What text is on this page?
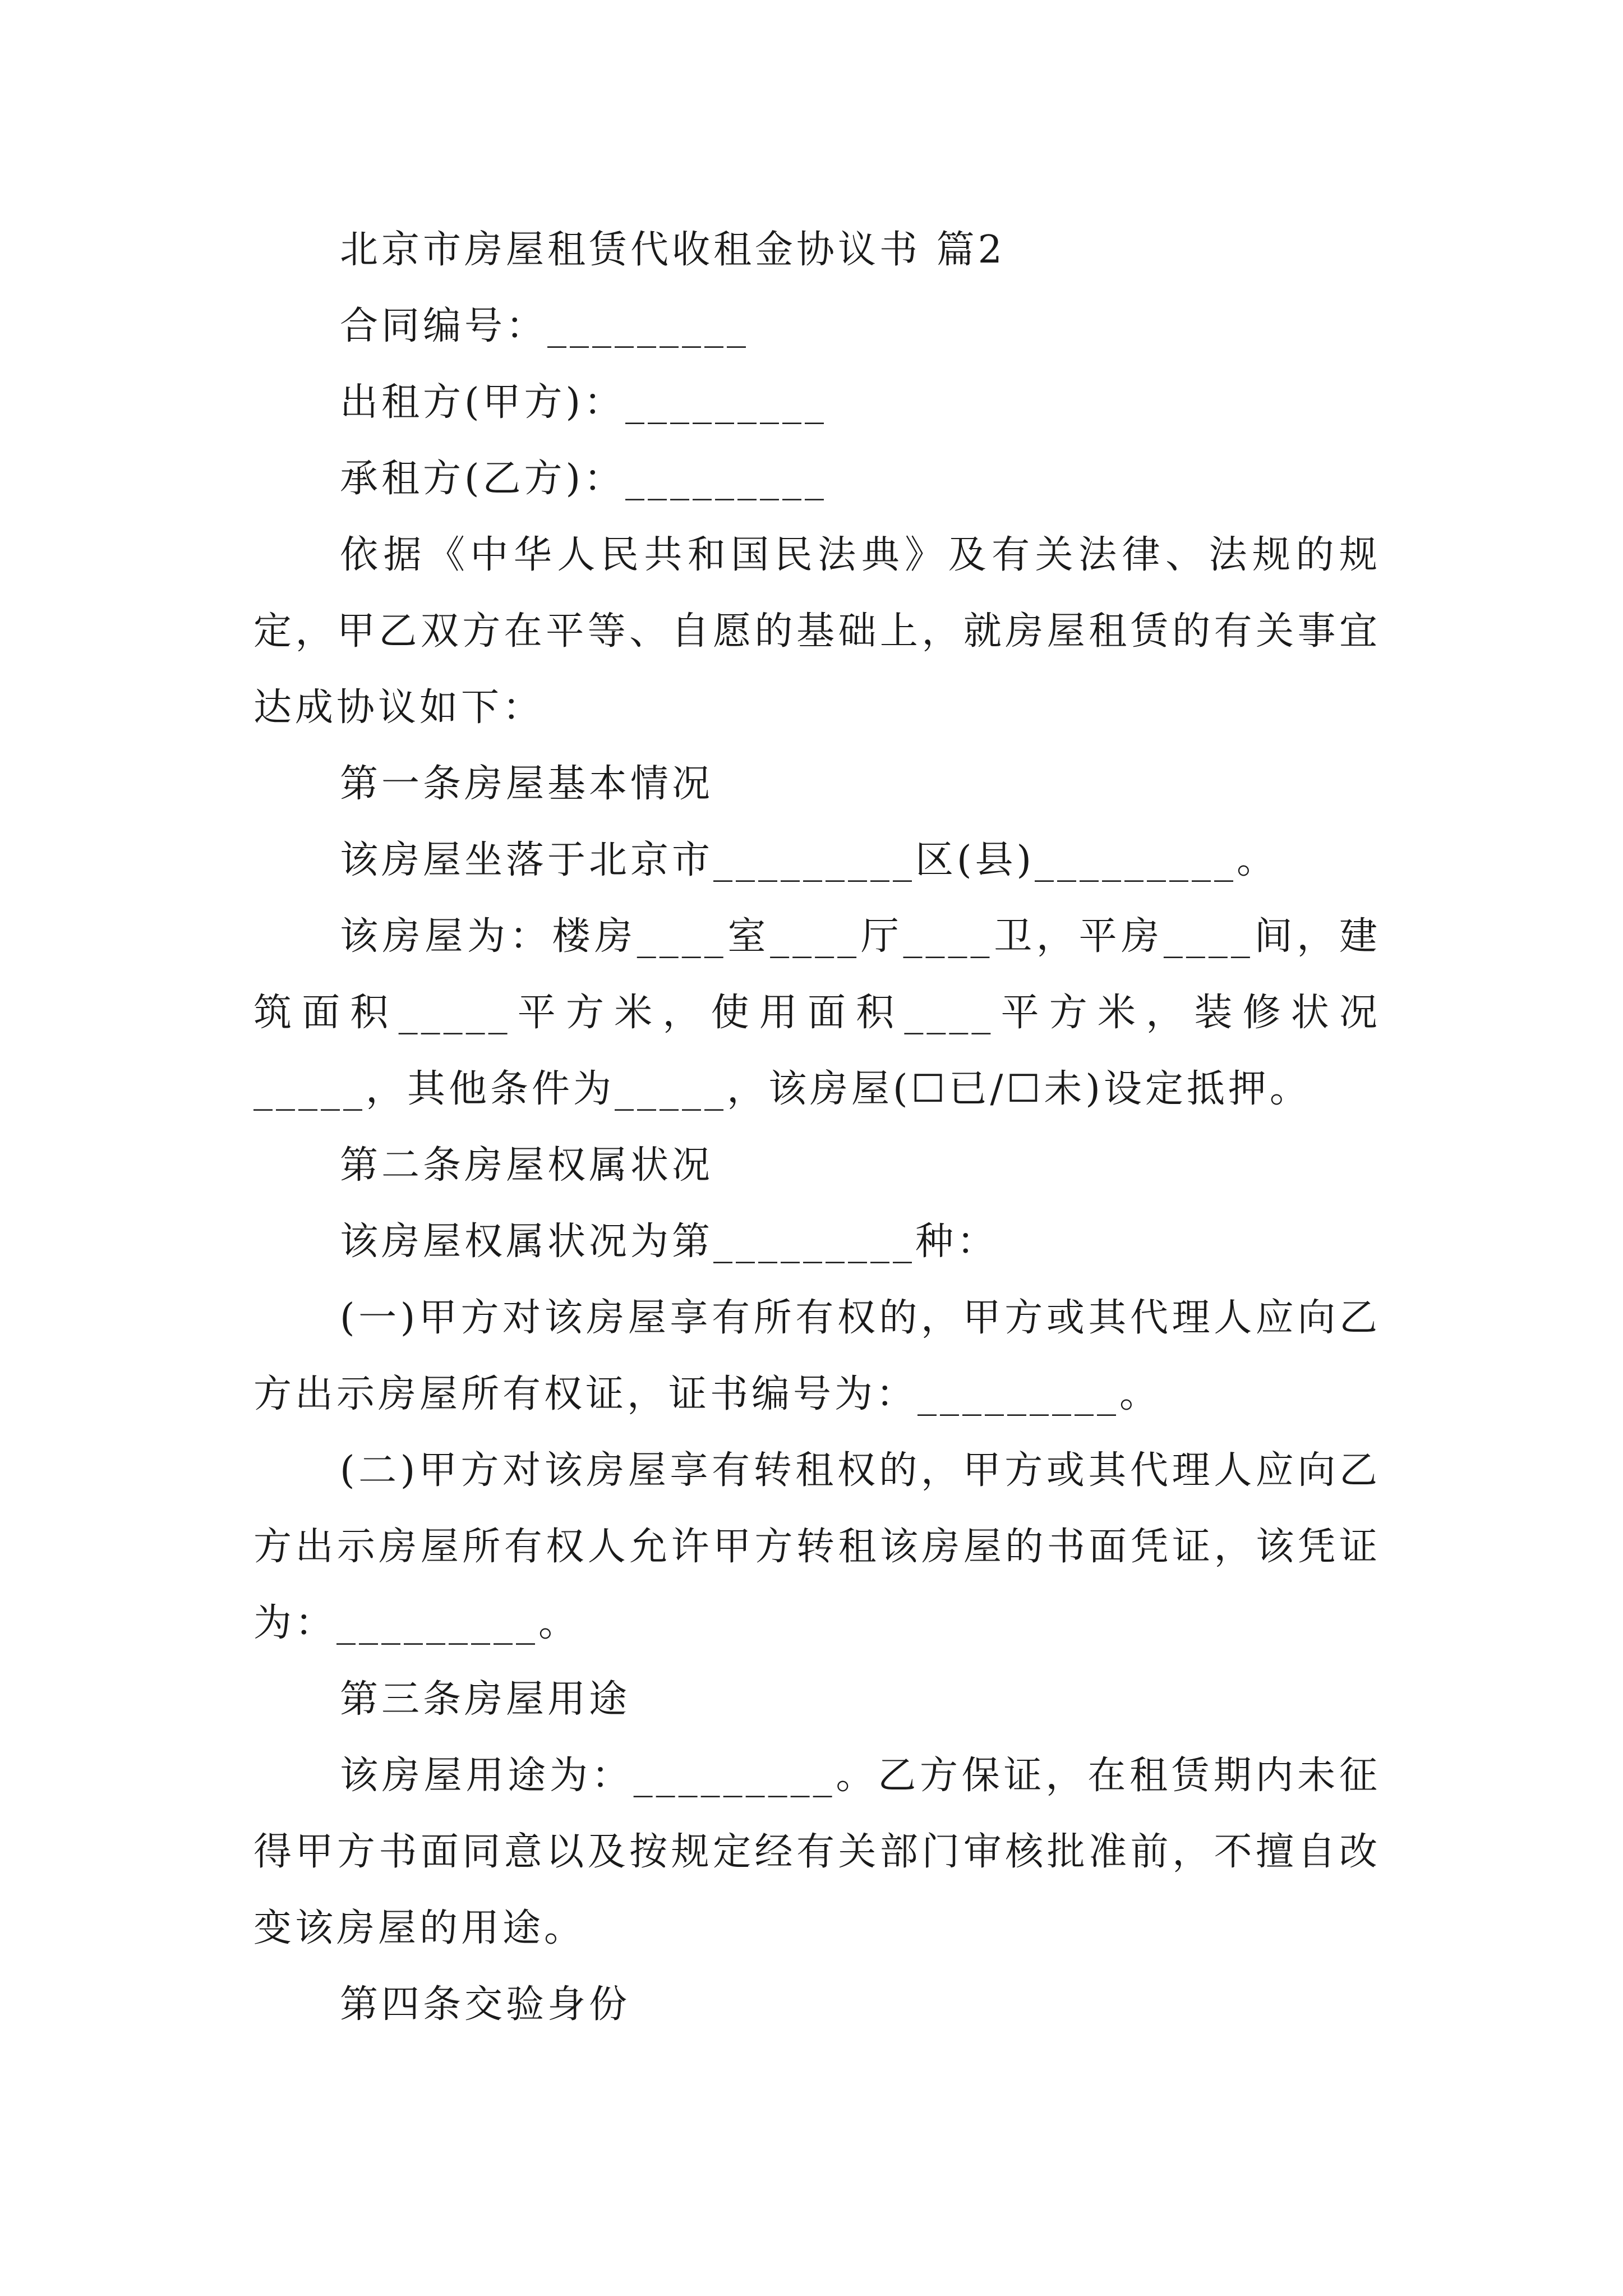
北京市房屋租赁代收租金协议书 篇2

合同编号：_________

出租方(甲方)：_________

承租方(乙方)：_________

依据《中华人民共和国民法典》及有关法律、法规的规定，甲乙双方在平等、自愿的基础上，就房屋租赁的有关事宜达成协议如下：

第一条房屋基本情况

该房屋坐落于北京市_________区(县)_________。

该房屋为：楼房____室____厅____卫，平房____间，建筑面积_____平方米，使用面积____平方米，装修状况_____，其他条件为_____，该房屋(☐已/☐未)设定抵押。

第二条房屋权属状况

该房屋权属状况为第_________种：

(一)甲方对该房屋享有所有权的，甲方或其代理人应向乙方出示房屋所有权证，证书编号为：_________。

(二)甲方对该房屋享有转租权的，甲方或其代理人应向乙方出示房屋所有权人允许甲方转租该房屋的书面凭证，该凭证为：_________。

第三条房屋用途

该房屋用途为：_________。乙方保证，在租赁期内未征得甲方书面同意以及按规定经有关部门审核批准前，不擅自改变该房屋的用途。

第四条交验身份
